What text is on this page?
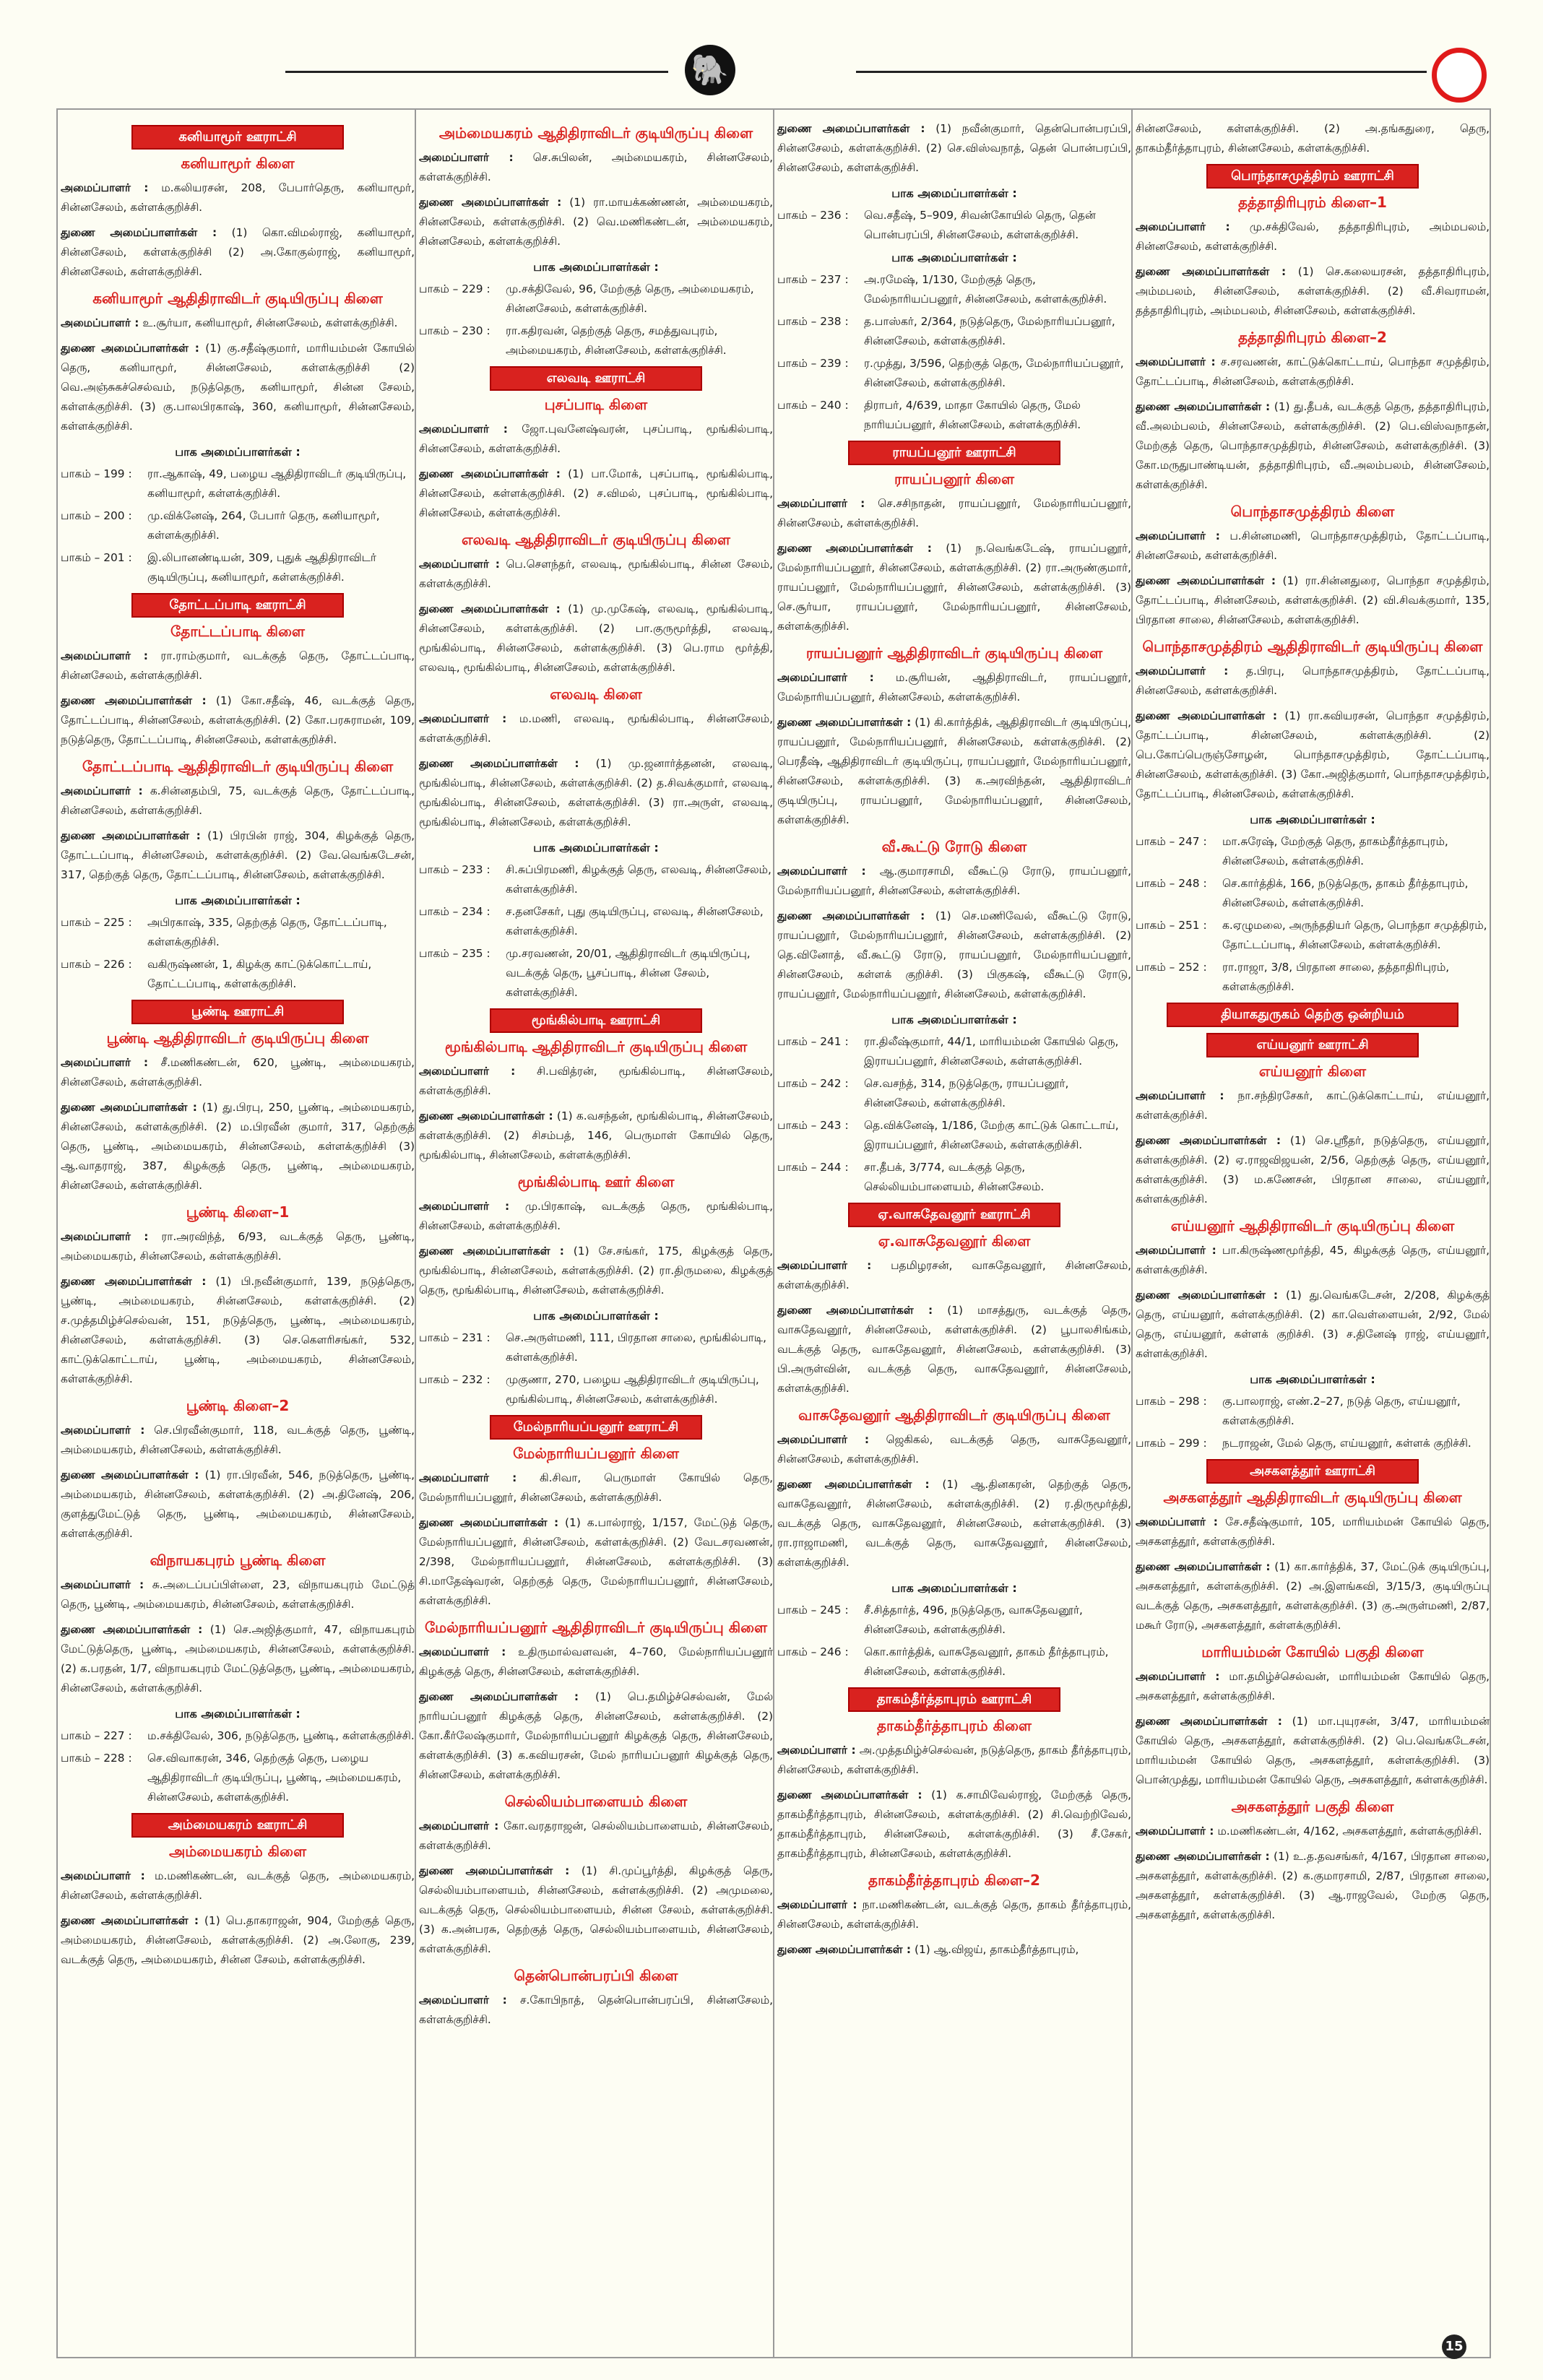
🐘
கனியாமூர் ஊராட்சி
கனியாமூர் கிளை
அமைப்பாளர் : ம.கலியரசன், 208, பேபார்தெரு, கனியாமூர், சின்னசேலம், கள்ளக்குறிச்சி.
துணை அமைப்பாளர்கள் : (1) கொ.விமல்ராஜ், கனியாமூர், சின்னசேலம், கள்ளக்குறிச்சி (2) அ.கோகுல்ராஜ், கனியாமூர், சின்னசேலம், கள்ளக்குறிச்சி.
கனியாமூர் ஆதிதிராவிடர் குடியிருப்பு கிளை
அமைப்பாளர் : உ.சூர்யா, கனியாமூர், சின்னசேலம், கள்ளக்குறிச்சி.
துணை அமைப்பாளர்கள் : (1) கு.சதீஷ்குமார், மாரியம்மன் கோயில் தெரு, கனியாமூர், சின்னசேலம், கள்ளக்குறிச்சி (2) வெ.அஞ்சுகச்செல்வம், நடுத்தெரு, கனியாமூர், சின்ன சேலம், கள்ளக்குறிச்சி. (3) கு.பாலபிரகாஷ், 360, கனியாமூர், சின்னசேலம், கள்ளக்குறிச்சி.
பாக அமைப்பாளர்கள் :
பாகம் – 199 :	ரா.ஆகாஷ், 49, பழைய ஆதிதிராவிடர் குடியிருப்பு, கனியாமூர், கள்ளக்குறிச்சி.
பாகம் – 200 :	மு.விக்னேஷ், 264, பேபார் தெரு, கனியாமூர், கள்ளக்குறிச்சி.
பாகம் – 201 :	இ.லிபானண்டியன், 309, புதுக் ஆதிதிராவிடர் குடியிருப்பு, கனியாமூர், கள்ளக்குறிச்சி.
தோட்டப்பாடி ஊராட்சி
தோட்டப்பாடி கிளை
அமைப்பாளர் : ரா.ராம்குமார், வடக்குத் தெரு, தோட்டப்பாடி, சின்னசேலம், கள்ளக்குறிச்சி.
துணை அமைப்பாளர்கள் : (1) கோ.சதீஷ், 46, வடக்குத் தெரு, தோட்டப்பாடி, சின்னசேலம், கள்ளக்குறிச்சி. (2) கோ.பரசுராமன், 109, நடுத்தெரு, தோட்டப்பாடி, சின்னசேலம், கள்ளக்குறிச்சி.
தோட்டப்பாடி ஆதிதிராவிடர் குடியிருப்பு கிளை
அமைப்பாளர் : க.சின்னதம்பி, 75, வடக்குத் தெரு, தோட்டப்பாடி, சின்னசேலம், கள்ளக்குறிச்சி.
துணை அமைப்பாளர்கள் : (1) பிரபின் ராஜ், 304, கிழக்குத் தெரு, தோட்டப்பாடி, சின்னசேலம், கள்ளக்குறிச்சி. (2) வே.வெங்கடேசன், 317, தெற்குத் தெரு, தோட்டப்பாடி, சின்னசேலம், கள்ளக்குறிச்சி.
பாக அமைப்பாளர்கள் :
பாகம் – 225 :	அபிரகாஷ், 335, தெற்குத் தெரு, தோட்டப்பாடி, கள்ளக்குறிச்சி.
பாகம் – 226 :	வகிருஷ்ணன், 1, கிழக்கு காட்டுக்கொட்டாய், தோட்டப்பாடி, கள்ளக்குறிச்சி.
பூண்டி ஊராட்சி
பூண்டி ஆதிதிராவிடர் குடியிருப்பு கிளை
அமைப்பாளர் : சீ.மணிகண்டன், 620, பூண்டி, அம்மையகரம், சின்னசேலம், கள்ளக்குறிச்சி.
துணை அமைப்பாளர்கள் : (1) து.பிரபு, 250, பூண்டி, அம்மையகரம், சின்னசேலம், கள்ளக்குறிச்சி. (2) ம.பிரவீன் குமார், 317, தெற்குத் தெரு, பூண்டி, அம்மையகரம், சின்னசேலம், கள்ளக்குறிச்சி (3) ஆ.வாதராஜ், 387, கிழக்குத் தெரு, பூண்டி, அம்மையகரம், சின்னசேலம், கள்ளக்குறிச்சி.
பூண்டி கிளை–1
அமைப்பாளர் : ரா.அரவிந்த், 6/93, வடக்குத் தெரு, பூண்டி, அம்மையகரம், சின்னசேலம், கள்ளக்குறிச்சி.
துணை அமைப்பாளர்கள் : (1) பி.நவீன்குமார், 139, நடுத்தெரு, பூண்டி, அம்மையகரம், சின்னசேலம், கள்ளக்குறிச்சி. (2) ச.முத்தமிழ்ச்செல்வன், 151, நடுத்தெரு, பூண்டி, அம்மையகரம், சின்னசேலம், கள்ளக்குறிச்சி. (3) செ.கௌரிசங்கர், 532, காட்டுக்கொட்டாய், பூண்டி, அம்மையகரம், சின்னசேலம், கள்ளக்குறிச்சி.
பூண்டி கிளை–2
அமைப்பாளர் : செ.பிரவீன்குமார், 118, வடக்குத் தெரு, பூண்டி, அம்மையகரம், சின்னசேலம், கள்ளக்குறிச்சி.
துணை அமைப்பாளர்கள் : (1) ரா.பிரவீன், 546, நடுத்தெரு, பூண்டி, அம்மையகரம், சின்னசேலம், கள்ளக்குறிச்சி. (2) அ.தினேஷ், 206, குளத்துமேட்டுத் தெரு, பூண்டி, அம்மையகரம், சின்னசேலம், கள்ளக்குறிச்சி.
விநாயகபுரம் பூண்டி கிளை
அமைப்பாளர் : சு.அடைப்பப்பிள்ளை, 23, விநாயகபுரம் மேட்டுத் தெரு, பூண்டி, அம்மையகரம், சின்னசேலம், கள்ளக்குறிச்சி.
துணை அமைப்பாளர்கள் : (1) செ.அஜித்குமார், 47, விநாயகபுரம் மேட்டுத்தெரு, பூண்டி, அம்மையகரம், சின்னசேலம், கள்ளக்குறிச்சி. (2) க.பரதன், 1/7, விநாயகபுரம் மேட்டுத்தெரு, பூண்டி, அம்மையகரம், சின்னசேலம், கள்ளக்குறிச்சி.
பாக அமைப்பாளர்கள் :
பாகம் – 227 :	ம.சக்திவேல், 306, நடுத்தெரு, பூண்டி, கள்ளக்குறிச்சி.
பாகம் – 228 :	செ.விவாகரன், 346, தெற்குத் தெரு, பழைய ஆதிதிராவிடர் குடியிருப்பு, பூண்டி, அம்மையகரம், சின்னசேலம், கள்ளக்குறிச்சி.
அம்மையகரம் ஊராட்சி
அம்மையகரம் கிளை
அமைப்பாளர் : ம.மணிகண்டன், வடக்குத் தெரு, அம்மையகரம், சின்னசேலம், கள்ளக்குறிச்சி.
துணை அமைப்பாளர்கள் : (1) பெ.தாகராஜன், 904, மேற்குத் தெரு, அம்மையகரம், சின்னசேலம், கள்ளக்குறிச்சி. (2) அ.லோகு, 239, வடக்குத் தெரு, அம்மையகரம், சின்ன சேலம், கள்ளக்குறிச்சி.
அம்மையகரம் ஆதிதிராவிடர் குடியிருப்பு கிளை
அமைப்பாளர் : செ.சுபிலன், அம்மையகரம், சின்னசேலம், கள்ளக்குறிச்சி.
துணை அமைப்பாளர்கள் : (1) ரா.மாயக்கண்ணன், அம்மையகரம், சின்னசேலம், கள்ளக்குறிச்சி. (2) வெ.மணிகண்டன், அம்மையகரம், சின்னசேலம், கள்ளக்குறிச்சி.
பாக அமைப்பாளர்கள் :
பாகம் – 229 :	மு.சக்திவேல், 96, மேற்குத் தெரு, அம்மையகரம், சின்னசேலம், கள்ளக்குறிச்சி.
பாகம் – 230 :	ரா.கதிரவன், தெற்குத் தெரு, சமத்துவபுரம், அம்மையகரம், சின்னசேலம், கள்ளக்குறிச்சி.
எலவடி ஊராட்சி
புசப்பாடி கிளை
அமைப்பாளர் : ஜோ.புவனேஷ்வரன், புசப்பாடி, மூங்கில்பாடி, சின்னசேலம், கள்ளக்குறிச்சி.
துணை அமைப்பாளர்கள் : (1) பா.மோக், புசப்பாடி, மூங்கில்பாடி, சின்னசேலம், கள்ளக்குறிச்சி. (2) ச.விமல், புசப்பாடி, மூங்கில்பாடி, சின்னசேலம், கள்ளக்குறிச்சி.
எலவடி ஆதிதிராவிடர் குடியிருப்பு கிளை
அமைப்பாளர் : பெ.சௌந்தர், எலவடி, மூங்கில்பாடி, சின்ன சேலம், கள்ளக்குறிச்சி.
துணை அமைப்பாளர்கள் : (1) மு.முகேஷ், எலவடி, மூங்கில்பாடி, சின்னசேலம், கள்ளக்குறிச்சி. (2) பா.குருமூர்த்தி, எலவடி, மூங்கில்பாடி, சின்னசேலம், கள்ளக்குறிச்சி. (3) பெ.ராம மூர்த்தி, எலவடி, மூங்கில்பாடி, சின்னசேலம், கள்ளக்குறிச்சி.
எலவடி கிளை
அமைப்பாளர் : ம.மணி, எலவடி, மூங்கில்பாடி, சின்னசேலம், கள்ளக்குறிச்சி.
துணை அமைப்பாளர்கள் : (1) மு.ஜனார்த்தனன், எலவடி, மூங்கில்பாடி, சின்னசேலம், கள்ளக்குறிச்சி. (2) த.சிவக்குமார், எலவடி, மூங்கில்பாடி, சின்னசேலம், கள்ளக்குறிச்சி. (3) ரா.அருள், எலவடி, மூங்கில்பாடி, சின்னசேலம், கள்ளக்குறிச்சி.
பாக அமைப்பாளர்கள் :
பாகம் – 233 :	சி.சுப்பிரமணி, கிழக்குத் தெரு, எலவடி, சின்னசேலம், கள்ளக்குறிச்சி.
பாகம் – 234 :	ச.தனசேகர், புது குடியிருப்பு, எலவடி, சின்னசேலம், கள்ளக்குறிச்சி.
பாகம் – 235 :	மு.சரவணன், 20/01, ஆதிதிராவிடர் குடியிருப்பு, வடக்குத் தெரு, பூசப்பாடி, சின்ன சேலம், கள்ளக்குறிச்சி.
மூங்கில்பாடி ஊராட்சி
மூங்கில்பாடி ஆதிதிராவிடர் குடியிருப்பு கிளை
அமைப்பாளர் : சி.பவித்ரன், மூங்கில்பாடி, சின்னசேலம், கள்ளக்குறிச்சி.
துணை அமைப்பாளர்கள் : (1) க.வசந்தன், மூங்கில்பாடி, சின்னசேலம், கள்ளக்குறிச்சி. (2) சிசம்பத், 146, பெருமாள் கோயில் தெரு, மூங்கில்பாடி, சின்னசேலம், கள்ளக்குறிச்சி.
மூங்கில்பாடி ஊர் கிளை
அமைப்பாளர் : மு.பிரகாஷ், வடக்குத் தெரு, மூங்கில்பாடி, சின்னசேலம், கள்ளக்குறிச்சி.
துணை அமைப்பாளர்கள் : (1) சே.சங்கர், 175, கிழக்குத் தெரு, மூங்கில்பாடி, சின்னசேலம், கள்ளக்குறிச்சி. (2) ரா.திருமலை, கிழக்குத் தெரு, மூங்கில்பாடி, சின்னசேலம், கள்ளக்குறிச்சி.
பாக அமைப்பாளர்கள் :
பாகம் – 231 :	செ.அருள்மணி, 111, பிரதான சாலை, மூங்கில்பாடி, கள்ளக்குறிச்சி.
பாகம் – 232 :	முகுணா, 270, பழைய ஆதிதிராவிடர் குடியிருப்பு, மூங்கில்பாடி, சின்னசேலம், கள்ளக்குறிச்சி.
மேல்நாரியப்பனூர் ஊராட்சி
மேல்நாரியப்பனூர் கிளை
அமைப்பாளர் : கி.சிவா, பெருமாள் கோயில் தெரு, மேல்நாரியப்பனூர், சின்னசேலம், கள்ளக்குறிச்சி.
துணை அமைப்பாளர்கள் : (1) க.பால்ராஜ், 1/157, மேட்டுத் தெரு, மேல்நாரியப்பனூர், சின்னசேலம், கள்ளக்குறிச்சி. (2) வேடசரவணன், 2/398, மேல்நாரியப்பனூர், சின்னசேலம், கள்ளக்குறிச்சி. (3) சி.மாதேஷ்வரன், தெற்குத் தெரு, மேல்நாரியப்பனூர், சின்னசேலம், கள்ளக்குறிச்சி.
மேல்நாரியப்பனூர் ஆதிதிராவிடர் குடியிருப்பு கிளை
அமைப்பாளர் : உதிருமால்வளவன், 4–760, மேல்நாரியப்பனூர் கிழக்குத் தெரு, சின்னசேலம், கள்ளக்குறிச்சி.
துணை அமைப்பாளர்கள் : (1) பெ.தமிழ்ச்செல்வன், மேல் நாரியப்பனூர் கிழக்குத் தெரு, சின்னசேலம், கள்ளக்குறிச்சி. (2) கோ.கீர்லேஷ்குமார், மேல்நாரியப்பனூர் கிழக்குத் தெரு, சின்னசேலம், கள்ளக்குறிச்சி. (3) க.கவியரசன், மேல் நாரியப்பனூர் கிழக்குத் தெரு, சின்னசேலம், கள்ளக்குறிச்சி.
செல்லியம்பாளையம் கிளை
அமைப்பாளர் : கோ.வரதராஜன், செல்லியம்பாளையம், சின்னசேலம், கள்ளக்குறிச்சி.
துணை அமைப்பாளர்கள் : (1) சி.முப்பூர்த்தி, கிழக்குத் தெரு, செல்லியம்பாளையம், சின்னசேலம், கள்ளக்குறிச்சி. (2) அமுமலை, வடக்குத் தெரு, செல்லியம்பாளையம், சின்ன சேலம், கள்ளக்குறிச்சி. (3) க.அன்பரசு, தெற்குத் தெரு, செல்லியம்பாளையம், சின்னசேலம், கள்ளக்குறிச்சி.
தென்பொன்பரப்பி கிளை
அமைப்பாளர் : ச.கோபிநாத், தென்பொன்பரப்பி, சின்னசேலம், கள்ளக்குறிச்சி.
துணை அமைப்பாளர்கள் : (1) நவீன்குமார், தென்பொன்பரப்பி, சின்னசேலம், கள்ளக்குறிச்சி. (2) செ.விஸ்வநாத், தென் பொன்பரப்பி, சின்னசேலம், கள்ளக்குறிச்சி.
பாக அமைப்பாளர்கள் :
பாகம் – 236 :	வெ.சதீஷ், 5–909, சிவன்கோயில் தெரு, தென் பொன்பரப்பி, சின்னசேலம், கள்ளக்குறிச்சி.
பாக அமைப்பாளர்கள் :
பாகம் – 237 :	அ.ரமேஷ், 1/130, மேற்குத் தெரு, மேல்நாரியப்பனூர், சின்னசேலம், கள்ளக்குறிச்சி.
பாகம் – 238 :	த.பாஸ்கர், 2/364, நடுத்தெரு, மேல்நாரியப்பனூர், சின்னசேலம், கள்ளக்குறிச்சி.
பாகம் – 239 :	ர.முத்து, 3/596, தெற்குத் தெரு, மேல்நாரியப்பனூர், சின்னசேலம், கள்ளக்குறிச்சி.
பாகம் – 240 :	திராபர், 4/639, மாதா கோயில் தெரு, மேல் நாரியப்பனூர், சின்னசேலம், கள்ளக்குறிச்சி.
ராயப்பனூர் ஊராட்சி
ராயப்பனூர் கிளை
அமைப்பாளர் : செ.சசிநாதன், ராயப்பனூர், மேல்நாரியப்பனூர், சின்னசேலம், கள்ளக்குறிச்சி.
துணை அமைப்பாளர்கள் : (1) ந.வெங்கடேஷ், ராயப்பனூர், மேல்நாரியப்பனூர், சின்னசேலம், கள்ளக்குறிச்சி. (2) ரா.அருண்குமார், ராயப்பனூர், மேல்நாரியப்பனூர், சின்னசேலம், கள்ளக்குறிச்சி. (3) செ.சூர்யா, ராயப்பனூர், மேல்நாரியப்பனூர், சின்னசேலம், கள்ளக்குறிச்சி.
ராயப்பனூர் ஆதிதிராவிடர் குடியிருப்பு கிளை
அமைப்பாளர் : ம.சூரியன், ஆதிதிராவிடர், ராயப்பனூர், மேல்நாரியப்பனூர், சின்னசேலம், கள்ளக்குறிச்சி.
துணை அமைப்பாளர்கள் : (1) கி.கார்த்திக், ஆதிதிராவிடர் குடியிருப்பு, ராயப்பனூர், மேல்நாரியப்பனூர், சின்னசேலம், கள்ளக்குறிச்சி. (2) பெரதீஷ், ஆதிதிராவிடர் குடியிருப்பு, ராயப்பனூர், மேல்நாரியப்பனூர், சின்னசேலம், கள்ளக்குறிச்சி. (3) க.அரவிந்தன், ஆதிதிராவிடர் குடியிருப்பு, ராயப்பனூர், மேல்நாரியப்பனூர், சின்னசேலம், கள்ளக்குறிச்சி.
வீ.கூட்டு ரோடு கிளை
அமைப்பாளர் : ஆ.குமாரசாமி, வீகூட்டு ரோடு, ராயப்பனூர், மேல்நாரியப்பனூர், சின்னசேலம், கள்ளக்குறிச்சி.
துணை அமைப்பாளர்கள் : (1) செ.மணிவேல், வீகூட்டு ரோடு, ராயப்பனூர், மேல்நாரியப்பனூர், சின்னசேலம், கள்ளக்குறிச்சி. (2) தெ.வினோத், வீ.கூட்டு ரோடு, ராயப்பனூர், மேல்நாரியப்பனூர், சின்னசேலம், கள்ளக் குறிச்சி. (3) பிகுகஷ், வீகூட்டு ரோடு, ராயப்பனூர், மேல்நாரியப்பனூர், சின்னசேலம், கள்ளக்குறிச்சி.
பாக அமைப்பாளர்கள் :
பாகம் – 241 :	ரா.திலீஷ்குமார், 44/1, மாரியம்மன் கோயில் தெரு, இராயப்பனூர், சின்னசேலம், கள்ளக்குறிச்சி.
பாகம் – 242 :	செ.வசந்த், 314, நடுத்தெரு, ராயப்பனூர், சின்னசேலம், கள்ளக்குறிச்சி.
பாகம் – 243 :	தெ.விக்னேஷ், 1/186, மேற்கு காட்டுக் கொட்டாய், இராயப்பனூர், சின்னசேலம், கள்ளக்குறிச்சி.
பாகம் – 244 :	சா.தீபக், 3/774, வடக்குத் தெரு, செல்லியம்பாளையம், சின்னசேலம்.
ஏ.வாசுதேவனூர் ஊராட்சி
ஏ.வாசுதேவனூர் கிளை
அமைப்பாளர் : பதமிழரசன், வாசுதேவனூர், சின்னசேலம், கள்ளக்குறிச்சி.
துணை அமைப்பாளர்கள் : (1) மாசத்துரு, வடக்குத் தெரு, வாசுதேவனூர், சின்னசேலம், கள்ளக்குறிச்சி. (2) பூபாலசிங்கம், வடக்குத் தெரு, வாசுதேவனூர், சின்னசேலம், கள்ளக்குறிச்சி. (3) பி.அருள்வின், வடக்குத் தெரு, வாசுதேவனூர், சின்னசேலம், கள்ளக்குறிச்சி.
வாசுதேவனூர் ஆதிதிராவிடர் குடியிருப்பு கிளை
அமைப்பாளர் : ஜெகிகல், வடக்குத் தெரு, வாசுதேவனூர், சின்னசேலம், கள்ளக்குறிச்சி.
துணை அமைப்பாளர்கள் : (1) ஆ.தினகரன், தெற்குத் தெரு, வாசுதேவனூர், சின்னசேலம், கள்ளக்குறிச்சி. (2) ர.திருமூர்த்தி, வடக்குத் தெரு, வாசுதேவனூர், சின்னசேலம், கள்ளக்குறிச்சி. (3) ரா.ராஜாமணி, வடக்குத் தெரு, வாசுதேவனூர், சின்னசேலம், கள்ளக்குறிச்சி.
பாக அமைப்பாளர்கள் :
பாகம் – 245 :	சீ.சித்தார்த், 496, நடுத்தெரு, வாசுதேவனூர், சின்னசேலம், கள்ளக்குறிச்சி.
பாகம் – 246 :	கொ.கார்த்திக், வாசுதேவனூர், தாகம் தீர்த்தாபுரம், சின்னசேலம், கள்ளக்குறிச்சி.
தாகம்தீர்த்தாபுரம் ஊராட்சி
தாகம்தீர்த்தாபுரம் கிளை
அமைப்பாளர் : அ.முத்தமிழ்ச்செல்வன், நடுத்தெரு, தாகம் தீர்த்தாபுரம், சின்னசேலம், கள்ளக்குறிச்சி.
துணை அமைப்பாளர்கள் : (1) க.சாமிவேல்ராஜ், மேற்குத் தெரு, தாகம்தீர்த்தாபுரம், சின்னசேலம், கள்ளக்குறிச்சி. (2) சி.வெற்றிவேல், தாகம்தீர்த்தாபுரம், சின்னசேலம், கள்ளக்குறிச்சி. (3) சீ.சேகர், தாகம்தீர்த்தாபுரம், சின்னசேலம், கள்ளக்குறிச்சி.
தாகம்தீர்த்தாபுரம் கிளை–2
அமைப்பாளர் : நா.மணிகண்டன், வடக்குத் தெரு, தாகம் தீர்த்தாபுரம், சின்னசேலம், கள்ளக்குறிச்சி.
துணை அமைப்பாளர்கள் : (1) ஆ.விஜய், தாகம்தீர்த்தாபுரம்,
சின்னசேலம், கள்ளக்குறிச்சி. (2) அ.தங்கதுரை, தெரு, தாகம்தீர்த்தாபுரம், சின்னசேலம், கள்ளக்குறிச்சி.
பொந்தாசமுத்திரம் ஊராட்சி
தத்தாதிரிபுரம் கிளை–1
அமைப்பாளர் : மு.சக்திவேல், தத்தாதிரிபுரம், அம்மபலம், சின்னசேலம், கள்ளக்குறிச்சி.
துணை அமைப்பாளர்கள் : (1) செ.கலையரசன், தத்தாதிரிபுரம், அம்மபலம், சின்னசேலம், கள்ளக்குறிச்சி. (2) வீ.சிவராமன், தத்தாதிரிபுரம், அம்மபலம், சின்னசேலம், கள்ளக்குறிச்சி.
தத்தாதிரிபுரம் கிளை–2
அமைப்பாளர் : ச.சரவணன், காட்டுக்கொட்டாய், பொந்தா சமுத்திரம், தோட்டப்பாடி, சின்னசேலம், கள்ளக்குறிச்சி.
துணை அமைப்பாளர்கள் : (1) து.தீபக், வடக்குத் தெரு, தத்தாதிரிபுரம், வீ.அலம்பலம், சின்னசேலம், கள்ளக்குறிச்சி. (2) பெ.விஸ்வநாதன், மேற்குத் தெரு, பொந்தாசமுத்திரம், சின்னசேலம், கள்ளக்குறிச்சி. (3) கோ.மருதுபாண்டியன், தத்தாதிரிபுரம், வீ.அலம்பலம், சின்னசேலம், கள்ளக்குறிச்சி.
பொந்தாசமுத்திரம் கிளை
அமைப்பாளர் : ப.சின்னமணி, பொந்தாசமுத்திரம், தோட்டப்பாடி, சின்னசேலம், கள்ளக்குறிச்சி.
துணை அமைப்பாளர்கள் : (1) ரா.சின்னதுரை, பொந்தா சமுத்திரம், தோட்டப்பாடி, சின்னசேலம், கள்ளக்குறிச்சி. (2) வி.சிவக்குமார், 135, பிரதான சாலை, சின்னசேலம், கள்ளக்குறிச்சி.
பொந்தாசமுத்திரம் ஆதிதிராவிடர் குடியிருப்பு கிளை
அமைப்பாளர் : த.பிரபு, பொந்தாசமுத்திரம், தோட்டப்பாடி, சின்னசேலம், கள்ளக்குறிச்சி.
துணை அமைப்பாளர்கள் : (1) ரா.கவியரசன், பொந்தா சமுத்திரம், தோட்டப்பாடி, சின்னசேலம், கள்ளக்குறிச்சி. (2) பெ.கோப்பெருஞ்சோழன், பொந்தாசமுத்திரம், தோட்டப்பாடி, சின்னசேலம், கள்ளக்குறிச்சி. (3) கோ.அஜித்குமார், பொந்தாசமுத்திரம், தோட்டப்பாடி, சின்னசேலம், கள்ளக்குறிச்சி.
பாக அமைப்பாளர்கள் :
பாகம் – 247 :	மா.சுரேஷ், மேற்குத் தெரு, தாகம்தீர்த்தாபுரம், சின்னசேலம், கள்ளக்குறிச்சி.
பாகம் – 248 :	செ.கார்த்திக், 166, நடுத்தெரு, தாகம் தீர்த்தாபுரம், சின்னசேலம், கள்ளக்குறிச்சி.
பாகம் – 251 :	க.ஏழுமலை, அருந்ததியர் தெரு, பொந்தா சமுத்திரம், தோட்டப்பாடி, சின்னசேலம், கள்ளக்குறிச்சி.
பாகம் – 252 :	ரா.ராஜா, 3/8, பிரதான சாலை, தத்தாதிரிபுரம், கள்ளக்குறிச்சி.
தியாகதுருகம் தெற்கு ஒன்றியம்
எய்யனூர் ஊராட்சி
எய்யனூர் கிளை
அமைப்பாளர் : நா.சந்திரசேகர், காட்டுக்கொட்டாய், எய்யனூர், கள்ளக்குறிச்சி.
துணை அமைப்பாளர்கள் : (1) செ.ஸ்ரீதர், நடுத்தெரு, எய்யனூர், கள்ளக்குறிச்சி. (2) ஏ.ராஜவிஜயன், 2/56, தெற்குத் தெரு, எய்யனூர், கள்ளக்குறிச்சி. (3) ம.கணேசன், பிரதான சாலை, எய்யனூர், கள்ளக்குறிச்சி.
எய்யனூர் ஆதிதிராவிடர் குடியிருப்பு கிளை
அமைப்பாளர் : பா.கிருஷ்ணமூர்த்தி, 45, கிழக்குத் தெரு, எய்யனூர், கள்ளக்குறிச்சி.
துணை அமைப்பாளர்கள் : (1) து.வெங்கடேசன், 2/208, கிழக்குத் தெரு, எய்யனூர், கள்ளக்குறிச்சி. (2) கா.வெள்ளையன், 2/92, மேல் தெரு, எய்யனூர், கள்ளக் குறிச்சி. (3) ச.தினேஷ் ராஜ், எய்யனூர், கள்ளக்குறிச்சி.
பாக அமைப்பாளர்கள் :
பாகம் – 298 :	கு.பாலராஜ், எண்.2–27, நடுத் தெரு, எய்யனூர், கள்ளக்குறிச்சி.
பாகம் – 299 :	நடராஜன், மேல் தெரு, எய்யனூர், கள்ளக் குறிச்சி.
அசகளத்தூர் ஊராட்சி
அசகளத்தூர் ஆதிதிராவிடர் குடியிருப்பு கிளை
அமைப்பாளர் : சே.சதீஷ்குமார், 105, மாரியம்மன் கோயில் தெரு, அசகளத்தூர், கள்ளக்குறிச்சி.
துணை அமைப்பாளர்கள் : (1) கா.கார்த்திக், 37, மேட்டுக் குடியிருப்பு, அசகளத்தூர், கள்ளக்குறிச்சி. (2) அ.இளங்கவி, 3/15/3, குடியிருப்பு வடக்குத் தெரு, அசகளத்தூர், கள்ளக்குறிச்சி. (3) கு.அருள்மணி, 2/87, மகூர் ரோடு, அசகளத்தூர், கள்ளக்குறிச்சி.
மாரியம்மன் கோயில் பகுதி கிளை
அமைப்பாளர் : மா.தமிழ்ச்செல்வன், மாரியம்மன் கோயில் தெரு, அசகளத்தூர், கள்ளக்குறிச்சி.
துணை அமைப்பாளர்கள் : (1) மா.புயுரசன், 3/47, மாரியம்மன் கோயில் தெரு, அசகளத்தூர், கள்ளக்குறிச்சி. (2) பெ.வெங்கடேசன், மாரியம்மன் கோயில் தெரு, அசகளத்தூர், கள்ளக்குறிச்சி. (3) பொன்முத்து, மாரியம்மன் கோயில் தெரு, அசகளத்தூர், கள்ளக்குறிச்சி.
அசகளத்தூர் பகுதி கிளை
அமைப்பாளர் : ம.மணிகண்டன், 4/162, அசகளத்தூர், கள்ளக்குறிச்சி.
துணை அமைப்பாளர்கள் : (1) உ.த.தவசங்கர், 4/167, பிரதான சாலை, அசகளத்தூர், கள்ளக்குறிச்சி. (2) க.குமாரசாமி, 2/87, பிரதான சாலை, அசகளத்தூர், கள்ளக்குறிச்சி. (3) ஆ.ராஜவேல், மேற்கு தெரு, அசகளத்தூர், கள்ளக்குறிச்சி.
15
